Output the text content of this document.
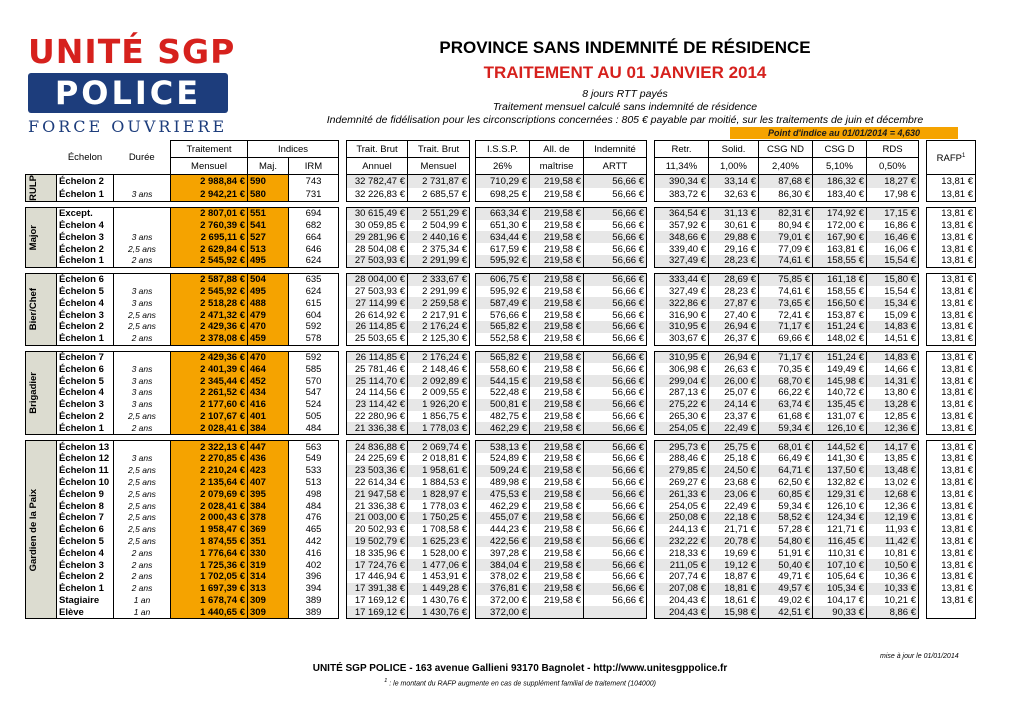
UNITÉ SGP
POLICE
FORCE OUVRIERE
PROVINCE SANS INDEMNITÉ DE RÉSIDENCE
TRAITEMENT AU 01 JANVIER 2014
8 jours RTT payés
Traitement mensuel calculé sans indemnité de résidence
Indemnité de fidélisation pour les circonscriptions concernées : 805 € payable par moitié, sur les traitements de juin et décembre
Point d'indice au 01/01/2014 = 4,630
	Échelon	Durée	Traitement	Indices			Trait. Brut	Trait. Brut		I.S.S.P.	All. de	Indemnité		Retr.	Solid.	CSG ND	CSG D	RDS		RAFP$^1$
			Mensuel	Maj.	IRM		Annuel	Mensuel		26%	maîtrise	ARTT		11,34%	1,00%	2,40%	5,10%	0,50%		

RULP	Échelon 2		2 988,84 €	590	743		32 782,47 €	2 731,87 €		710,29 €	219,58 €	56,66 €		390,34 €	33,14 €	87,68 €	186,32 €	18,27 €		13,81 €
	Échelon 1	3 ans	2 942,21 €	580	731		32 226,83 €	2 685,57 €		698,25 €	219,58 €	56,66 €		383,72 €	32,63 €	86,30 €	183,40 €	17,98 €		13,81 €

Major	Except.		2 807,01 €	551	694		30 615,49 €	2 551,29 €		663,34 €	219,58 €	56,66 €		364,54 €	31,13 €	82,31 €	174,92 €	17,15 €		13,81 €
	Échelon 4		2 760,39 €	541	682		30 059,85 €	2 504,99 €		651,30 €	219,58 €	56,66 €		357,92 €	30,61 €	80,94 €	172,00 €	16,86 €		13,81 €
	Échelon 3	3 ans	2 695,11 €	527	664		29 281,96 €	2 440,16 €		634,44 €	219,58 €	56,66 €		348,66 €	29,88 €	79,01 €	167,90 €	16,46 €		13,81 €
	Échelon 2	2,5 ans	2 629,84 €	513	646		28 504,08 €	2 375,34 €		617,59 €	219,58 €	56,66 €		339,40 €	29,16 €	77,09 €	163,81 €	16,06 €		13,81 €
	Échelon 1	2 ans	2 545,92 €	495	624		27 503,93 €	2 291,99 €		595,92 €	219,58 €	56,66 €		327,49 €	28,23 €	74,61 €	158,55 €	15,54 €		13,81 €

Bier/Chef	Échelon 6		2 587,88 €	504	635		28 004,00 €	2 333,67 €		606,75 €	219,58 €	56,66 €		333,44 €	28,69 €	75,85 €	161,18 €	15,80 €		13,81 €
	Échelon 5	3 ans	2 545,92 €	495	624		27 503,93 €	2 291,99 €		595,92 €	219,58 €	56,66 €		327,49 €	28,23 €	74,61 €	158,55 €	15,54 €		13,81 €
	Échelon 4	3 ans	2 518,28 €	488	615		27 114,99 €	2 259,58 €		587,49 €	219,58 €	56,66 €		322,86 €	27,87 €	73,65 €	156,50 €	15,34 €		13,81 €
	Échelon 3	2,5 ans	2 471,32 €	479	604		26 614,92 €	2 217,91 €		576,66 €	219,58 €	56,66 €		316,90 €	27,40 €	72,41 €	153,87 €	15,09 €		13,81 €
	Échelon 2	2,5 ans	2 429,36 €	470	592		26 114,85 €	2 176,24 €		565,82 €	219,58 €	56,66 €		310,95 €	26,94 €	71,17 €	151,24 €	14,83 €		13,81 €
	Échelon 1	2 ans	2 378,08 €	459	578		25 503,65 €	2 125,30 €		552,58 €	219,58 €	56,66 €		303,67 €	26,37 €	69,66 €	148,02 €	14,51 €		13,81 €

Brigadier	Échelon 7		2 429,36 €	470	592		26 114,85 €	2 176,24 €		565,82 €	219,58 €	56,66 €		310,95 €	26,94 €	71,17 €	151,24 €	14,83 €		13,81 €
	Échelon 6	3 ans	2 401,39 €	464	585		25 781,46 €	2 148,46 €		558,60 €	219,58 €	56,66 €		306,98 €	26,63 €	70,35 €	149,49 €	14,66 €		13,81 €
	Échelon 5	3 ans	2 345,44 €	452	570		25 114,70 €	2 092,89 €		544,15 €	219,58 €	56,66 €		299,04 €	26,00 €	68,70 €	145,98 €	14,31 €		13,81 €
	Échelon 4	3 ans	2 261,52 €	434	547		24 114,56 €	2 009,55 €		522,48 €	219,58 €	56,66 €		287,13 €	25,07 €	66,22 €	140,72 €	13,80 €		13,81 €
	Échelon 3	3 ans	2 177,60 €	416	524		23 114,42 €	1 926,20 €		500,81 €	219,58 €	56,66 €		275,22 €	24,14 €	63,74 €	135,45 €	13,28 €		13,81 €
	Échelon 2	2,5 ans	2 107,67 €	401	505		22 280,96 €	1 856,75 €		482,75 €	219,58 €	56,66 €		265,30 €	23,37 €	61,68 €	131,07 €	12,85 €		13,81 €
	Échelon 1	2 ans	2 028,41 €	384	484		21 336,38 €	1 778,03 €		462,29 €	219,58 €	56,66 €		254,05 €	22,49 €	59,34 €	126,10 €	12,36 €		13,81 €

Gardien de la Paix	Échelon 13		2 322,13 €	447	563		24 836,88 €	2 069,74 €		538,13 €	219,58 €	56,66 €		295,73 €	25,75 €	68,01 €	144,52 €	14,17 €		13,81 €
	Échelon 12	3 ans	2 270,85 €	436	549		24 225,69 €	2 018,81 €		524,89 €	219,58 €	56,66 €		288,46 €	25,18 €	66,49 €	141,30 €	13,85 €		13,81 €
	Échelon 11	2,5 ans	2 210,24 €	423	533		23 503,36 €	1 958,61 €		509,24 €	219,58 €	56,66 €		279,85 €	24,50 €	64,71 €	137,50 €	13,48 €		13,81 €
	Échelon 10	2,5 ans	2 135,64 €	407	513		22 614,34 €	1 884,53 €		489,98 €	219,58 €	56,66 €		269,27 €	23,68 €	62,50 €	132,82 €	13,02 €		13,81 €
	Échelon 9	2,5 ans	2 079,69 €	395	498		21 947,58 €	1 828,97 €		475,53 €	219,58 €	56,66 €		261,33 €	23,06 €	60,85 €	129,31 €	12,68 €		13,81 €
	Échelon 8	2,5 ans	2 028,41 €	384	484		21 336,38 €	1 778,03 €		462,29 €	219,58 €	56,66 €		254,05 €	22,49 €	59,34 €	126,10 €	12,36 €		13,81 €
	Échelon 7	2,5 ans	2 000,43 €	378	476		21 003,00 €	1 750,25 €		455,07 €	219,58 €	56,66 €		250,08 €	22,18 €	58,52 €	124,34 €	12,19 €		13,81 €
	Échelon 6	2,5 ans	1 958,47 €	369	465		20 502,93 €	1 708,58 €		444,23 €	219,58 €	56,66 €		244,13 €	21,71 €	57,28 €	121,71 €	11,93 €		13,81 €
	Échelon 5	2,5 ans	1 874,55 €	351	442		19 502,79 €	1 625,23 €		422,56 €	219,58 €	56,66 €		232,22 €	20,78 €	54,80 €	116,45 €	11,42 €		13,81 €
	Échelon 4	2 ans	1 776,64 €	330	416		18 335,96 €	1 528,00 €		397,28 €	219,58 €	56,66 €		218,33 €	19,69 €	51,91 €	110,31 €	10,81 €		13,81 €
	Échelon 3	2 ans	1 725,36 €	319	402		17 724,76 €	1 477,06 €		384,04 €	219,58 €	56,66 €		211,05 €	19,12 €	50,40 €	107,10 €	10,50 €		13,81 €
	Échelon 2	2 ans	1 702,05 €	314	396		17 446,94 €	1 453,91 €		378,02 €	219,58 €	56,66 €		207,74 €	18,87 €	49,71 €	105,64 €	10,36 €		13,81 €
	Échelon 1	2 ans	1 697,39 €	313	394		17 391,38 €	1 449,28 €		376,81 €	219,58 €	56,66 €		207,08 €	18,81 €	49,57 €	105,34 €	10,33 €		13,81 €
	Stagiaire	1 an	1 678,74 €	309	389		17 169,12 €	1 430,76 €		372,00 €	219,58 €	56,66 €		204,43 €	18,61 €	49,02 €	104,17 €	10,21 €		13,81 €
	Elève	1 an	1 440,65 €	309	389		17 169,12 €	1 430,76 €		372,00 €				204,43 €	15,98 €	42,51 €	90,33 €	8,86 €		
mise à jour le 01/01/2014
UNITÉ SGP POLICE - 163 avenue Gallieni 93170 Bagnolet - http://www.unitesgppolice.fr
$^1$ : le montant du RAFP augmente en cas de supplément familial de traitement (104000)
